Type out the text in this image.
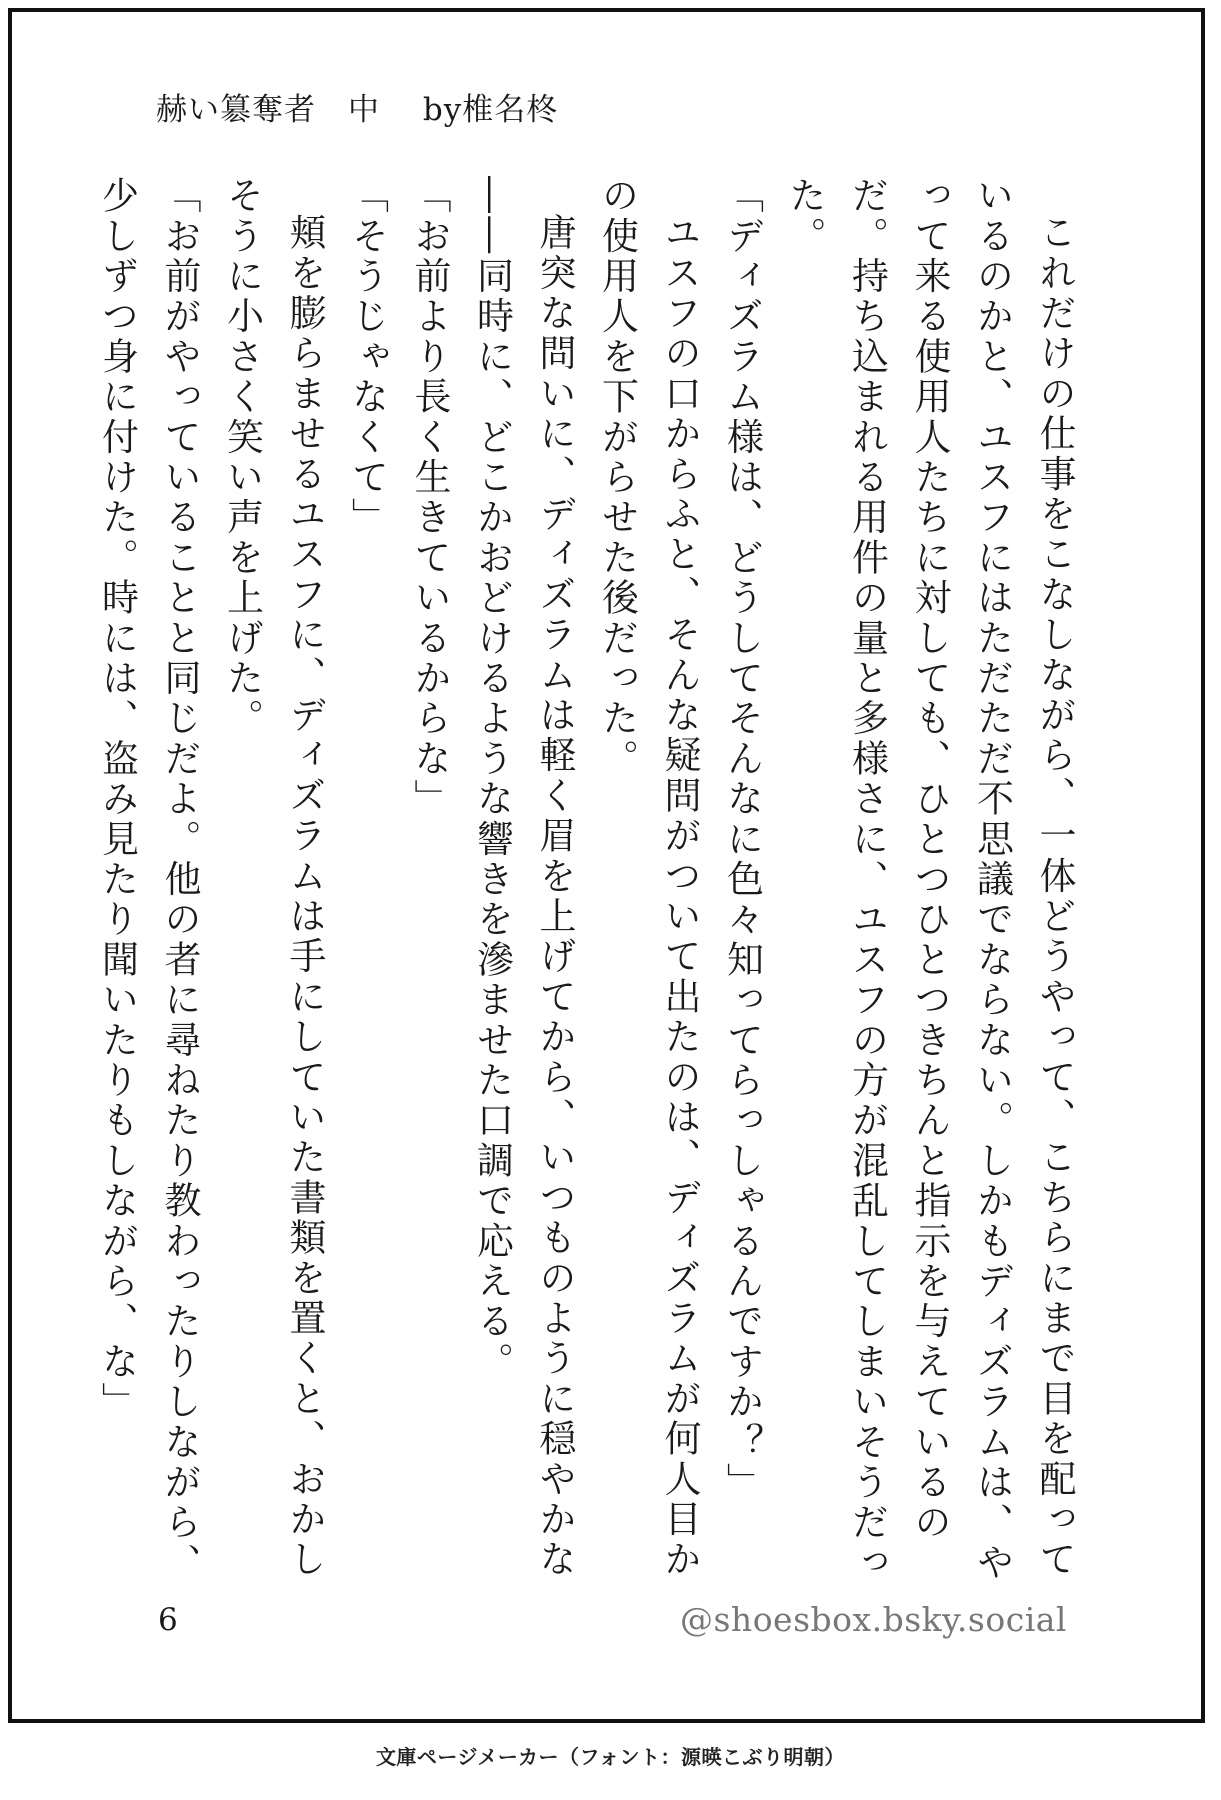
赫い簒奪者　中　 by椎名柊

これだけの仕事をこなしながら、一体どうやって、こちらにまで目を配っているのかと、ユスフにはただただ不思議でならない。しかもディズラムは、やって来る使用人たちに対しても、ひとつひとつきちんと指示を与えているのだ。持ち込まれる用件の量と多様さに、ユスフの方が混乱してしまいそうだった。

「ディズラム様は、どうしてそんなに色々知ってらっしゃるんですか？」

ユスフの口からふと、そんな疑問がついて出たのは、ディズラムが何人目かの使用人を下がらせた後だった。

唐突な問いに、ディズラムは軽く眉を上げてから、いつものように穏やかな――同時に、どこかおどけるような響きを滲ませた口調で応える。

「お前より長く生きているからな」

「そうじゃなくて」

頬を膨らませるユスフに、ディズラムは手にしていた書類を置くと、おかしそうに小さく笑い声を上げた。

「お前がやっていることと同じだよ。他の者に尋ねたり教わったりしながら、少しずつ身に付けた。時には、盗み見たり聞いたりもしながら、な」

6	@shoesbox.bsky.social
文庫ページメーカー（フォント：源暎こぶり明朝）
